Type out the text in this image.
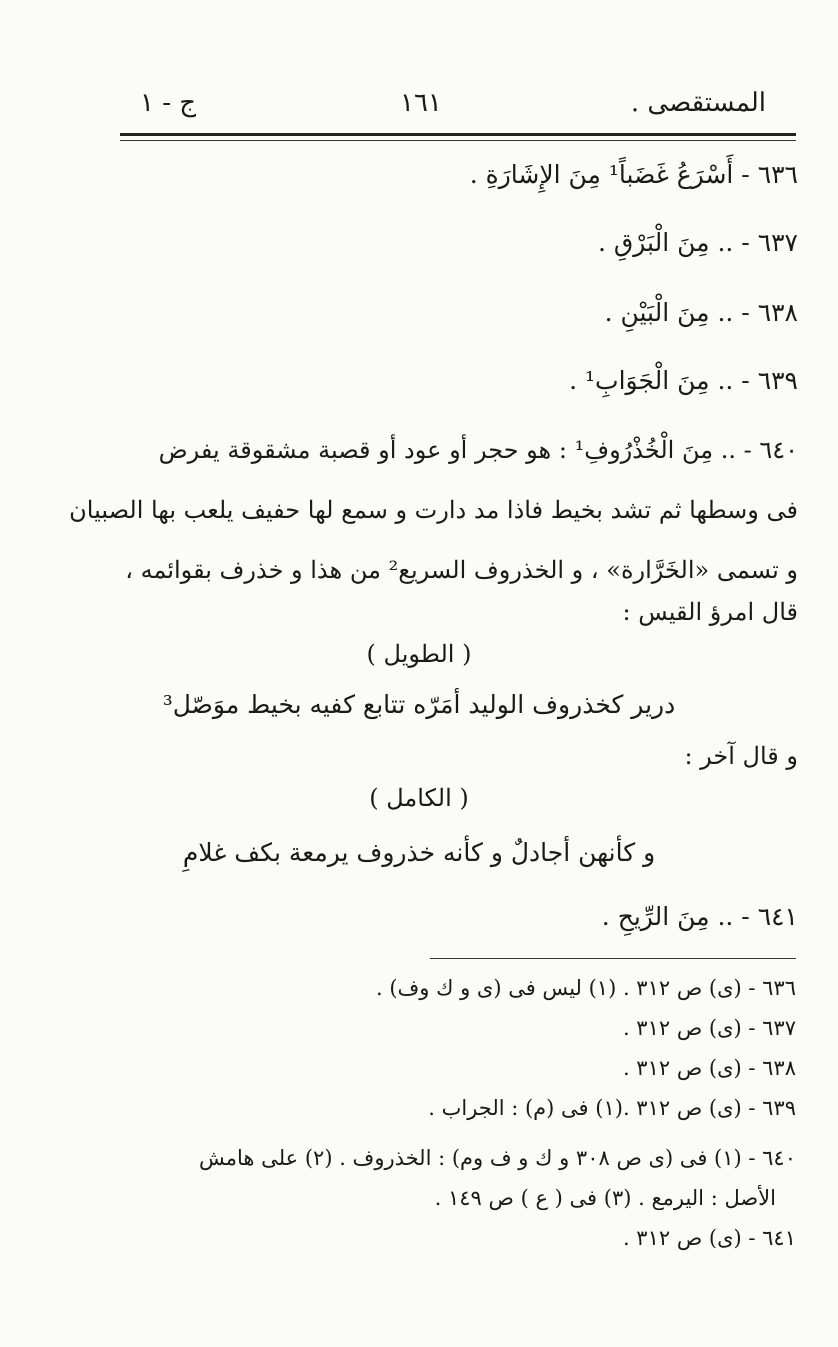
المستقصى .
١٦١
ج - ١
٦٣٦ - أَسْرَعُ غَضَباً¹ مِنَ الإِشَارَةِ .
٦٣٧ - .. مِنَ الْبَرْقِ .
٦٣٨ - .. مِنَ الْبَيْنِ .
٦٣٩ - .. مِنَ الْجَوَابِ¹ .
٦٤٠ - .. مِنَ الْخُذْرُوفِ¹ : هو حجر أو عود أو قصبة مشقوقة يفرض
فى وسطها ثم تشد بخيط فاذا مد دارت و سمع لها حفيف يلعب بها الصبيان
و تسمى «الخَرَّارة» ، و الخذروف السريع² من هذا و خذرف بقوائمه ،
قال امرؤ القيس :
( الطويل )
درير كخذروف الوليد أمَرّه تتابع كفيه بخيط موَصّل³
و قال آخر :
( الكامل )
و كأنهن أجادلٌ و كأنه خذروف يرمعة بكف غلامِ
٦٤١ - .. مِنَ الرِّيحِ .
٦٣٦ - (ى) ص ٣١٢ . (١) ليس فى (ى و ك وف) .
٦٣٧ - (ى) ص ٣١٢ .
٦٣٨ - (ى) ص ٣١٢ .
٦٣٩ - (ى) ص ٣١٢ .(١) فى (م) : الجراب .
٦٤٠ - (١) فى (ى ص ٣٠٨ و ك و ف وم) : الخذروف . (٢) على هامش
الأصل : اليرمع . (٣) فى ( ع ) ص ١٤٩ .
٦٤١ - (ى) ص ٣١٢ .
